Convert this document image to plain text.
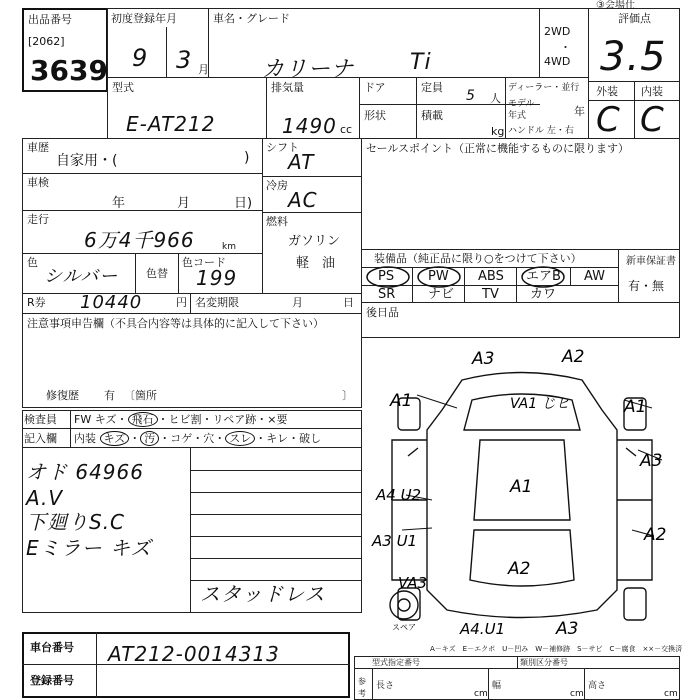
出品番号
[2062]
3639
初度登録年月
9 3 月
車名・グレード
カリーナ	Ti
2WD
・
4WD
③会場仕
評価点
3.5
型式
E-AT212
排気量
1490 cc
ドア
形状
定員
5 人
積載
kg
ディーラー・並行
モデル年式	年
ハンドル 左・右
外装 内装
C C
車歴
自家用・(	)
車検
年	月	日)
走行
6万4千966	km
色
シルバー	色替
色コード
199
シフト
AT
冷房
AC
燃料
ガソリン
軽　油
R券 10440	円 名変期限	月	日
注意事項申告欄（不具合内容等は具体的に記入して下さい）
修復歴 有 〔箇所	〕
検査員
記入欄
FW キズ・ 飛石 ・ヒビ割・リペア跡・×要
内装 キズ ・ 汚 ・コゲ・穴・ スレ ・キレ・破し
オド 64966
A.V
下廻りS.C
Eミラー キズ
スタッドレス
セールスポイント（正常に機能するものに限ります）
装備品（純正品に限り○をつけて下さい）	新車保証書
PS	PW ABS エアB AW
SR	ナビ TV カワ
有・無
後日品
A3	A2
A1	A1
A3
A1
A2
A4 U2
A3 U1
A2
VA3
A4.U1	A3
VA1 じヒ
スペア
A－キズ　E－エクボ　U－凹み　W－補修跡　S－サビ　C－腐食　××－交換済
車台番号 AT212-0014313
登録番号
型式指定番号	類別区分番号
参考
長さ
cm
幅
cm
高さ
cm
